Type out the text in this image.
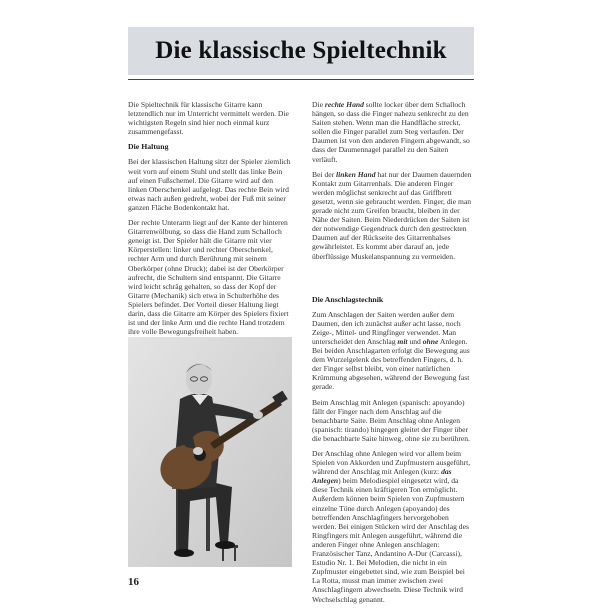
Die klassische Spieltechnik

Die Spieltechnik für klassische Gitarre kann letztendlich nur im Unterricht vermittelt werden. Die wichtigsten Regeln sind hier noch einmal kurz zusammengefasst.

Die Haltung

Bei der klassischen Haltung sitzt der Spieler ziemlich weit vorn auf einem Stuhl und stellt das linke Bein auf einen Fußschemel. Die Gitarre wird auf den linken Oberschenkel aufgelegt. Das rechte Bein wird etwas nach außen gedreht, wobei der Fuß mit seiner ganzen Fläche Bodenkontakt hat.

Der rechte Unterarm liegt auf der Kante der hinteren Gitarrenwölbung, so dass die Hand zum Schalloch geneigt ist. Der Spieler hält die Gitarre mit vier Körperstellen: linker und rechter Oberschenkel, rechter Arm und durch Berührung mit seinem Oberkörper (ohne Druck); dabei ist der Oberkörper aufrecht, die Schultern sind entspannt. Die Gitarre wird leicht schräg gehalten, so dass der Kopf der Gitarre (Mechanik) sich etwa in Schulterhöhe des Spielers befindet. Der Vorteil dieser Haltung liegt darin, dass die Gitarre am Körper des Spielers fixiert ist und der linke Arm und die rechte Hand trotzdem ihre volle Bewegungsfreiheit haben.

Die rechte Hand sollte locker über dem Schalloch hängen, so dass die Finger nahezu senkrecht zu den Saiten stehen. Wenn man die Handfläche streckt, sollen die Finger parallel zum Steg verlaufen. Der Daumen ist von den anderen Fingern abgewandt, so dass der Daumennagel parallel zu den Saiten verläuft.

Bei der linken Hand hat nur der Daumen dauernden Kontakt zum Gitarrenhals. Die anderen Finger werden möglichst senkrecht auf das Griffbrett gesetzt, wenn sie gebraucht werden. Finger, die man gerade nicht zum Greifen braucht, bleiben in der Nähe der Saiten. Beim Niederdrücken der Saiten ist der notwendige Gegendruck durch den gestreckten Daumen auf der Rückseite des Gitarrenhalses gewährleistet. Es kommt aber darauf an, jede überflüssige Muskelanspannung zu vermeiden.

Die Anschlagstechnik

Zum Anschlagen der Saiten werden außer dem Daumen, den ich zunächst außer acht lasse, noch Zeige-, Mittel- und Ringfinger verwendet. Man unterscheidet den Anschlag mit und ohne Anlegen. Bei beiden Anschlagarten erfolgt die Bewegung aus dem Wurzelgelenk des betreffenden Fingers, d. h. der Finger selbst bleibt, von einer natürlichen Krümmung abgesehen, während der Bewegung fast gerade.

Beim Anschlag mit Anlegen (spanisch: apoyando) fällt der Finger nach dem Anschlag auf die benachbarte Saite. Beim Anschlag ohne Anlegen (spanisch: tirando) hingegen gleitet der Finger über die benachbarte Saite hinweg, ohne sie zu berühren.

Der Anschlag ohne Anlegen wird vor allem beim Spielen von Akkorden und Zupfmustern ausgeführt, während der Anschlag mit Anlegen (kurz: das Anlegen) beim Melodiespiel eingesetzt wird, da diese Technik einen kräftigeren Ton ermöglicht. Außerdem können beim Spielen von Zupfmustern einzelne Töne durch Anlegen (apoyando) des betreffenden Anschlagfingers hervorgehoben werden. Bei einigen Stücken wird der Anschlag des Ringfingers mit Anlegen ausgeführt, während die anderen Finger ohne Anlegen anschlagen: Französischer Tanz, Andantino A-Dur (Carcassi), Estudio Nr. 1. Bei Melodien, die nicht in ein Zupfmuster eingebettet sind, wie zum Beispiel bei La Rotta, musst man immer zwischen zwei Anschlagfingern abwechseln. Diese Technik wird Wechselschlag genannt.

16
